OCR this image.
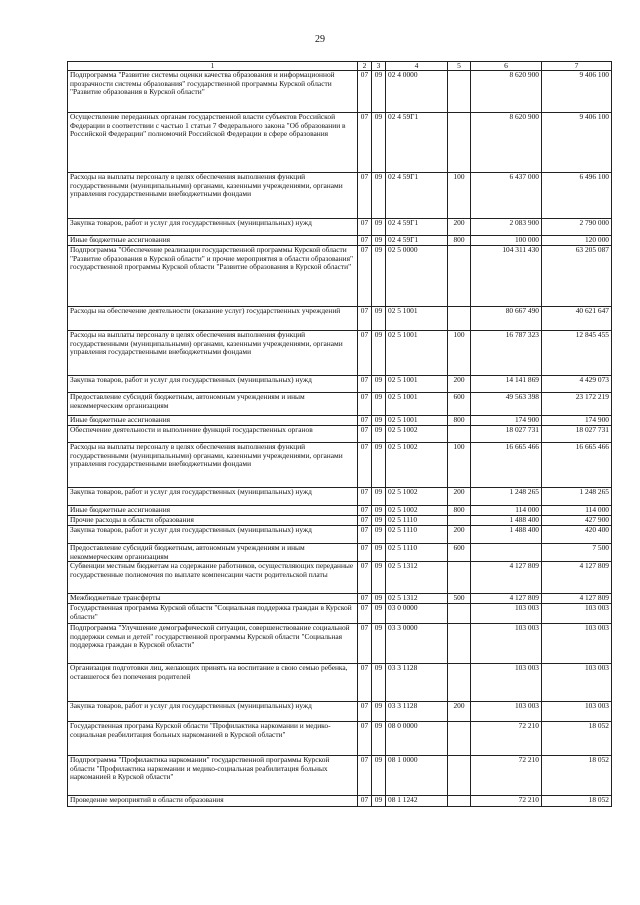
29
1	2	3	4	5	6	7
Подпрограмма "Развитие системы оценки качества образования и информационной прозрачности системы образования" государственной программы Курской области "Развитие образования в Курской области"	07	09	02 4 0000		8 620 900	9 406 100
Осуществление переданных органам государственной власти субъектов Российской Федерации в соответствии с частью 1 статьи 7 Федерального закона "Об образовании в Российской Федерации" полномочий Российской Федерации в сфере образования	07	09	02 4 59Г1		8 620 900	9 406 100
Расходы на выплаты персоналу в целях обеспечения выполнения функций государственными (муниципальными) органами, казенными учреждениями, органами управления государственными внебюджетными фондами	07	09	02 4 59Г1	100	6 437 000	6 496 100
Закупка товаров, работ и услуг для государственных (муниципальных) нужд	07	09	02 4 59Г1	200	2 083 900	2 790 000
Иные бюджетные ассигнования	07	09	02 4 59Г1	800	100 000	120 000
Подпрограмма "Обеспечение реализации государственной программы Курской области "Развитие образования в Курской области" и прочие мероприятия в области образования" государственной программы Курской области "Развитие образования в Курской области"	07	09	02 5 0000		104 311 430	63 205 087
Расходы на обеспечение деятельности (оказание услуг) государственных учреждений	07	09	02 5 1001		80 667 490	40 621 647
Расходы на выплаты персоналу в целях обеспечения выполнения функций государственными (муниципальными) органами, казенными учреждениями, органами управления государственными внебюджетными фондами	07	09	02 5 1001	100	16 787 323	12 845 455
Закупка товаров, работ и услуг для государственных (муниципальных) нужд	07	09	02 5 1001	200	14 141 869	4 429 073
Предоставление субсидий бюджетным, автономным учреждениям и иным некоммерческим организациям	07	09	02 5 1001	600	49 563 398	23 172 219
Иные бюджетные ассигнования	07	09	02 5 1001	800	174 900	174 900
Обеспечение деятельности и выполнение функций государственных органов	07	09	02 5 1002		18 027 731	18 027 731
Расходы на выплаты персоналу в целях обеспечения выполнения функций государственными (муниципальными) органами, казенными учреждениями, органами управления государственными внебюджетными фондами	07	09	02 5 1002	100	16 665 466	16 665 466
Закупка товаров, работ и услуг для государственных (муниципальных) нужд	07	09	02 5 1002	200	1 248 265	1 248 265
Иные бюджетные ассигнования	07	09	02 5 1002	800	114 000	114 000
Прочие расходы в области образования	07	09	02 5 1110		1 488 400	427 900
Закупка товаров, работ и услуг для государственных (муниципальных) нужд	07	09	02 5 1110	200	1 488 400	420 400
Предоставление субсидий бюджетным, автономным учреждениям и иным некоммерческим организациям	07	09	02 5 1110	600		7 500
Субвенции местным бюджетам на содержание работников, осуществляющих переданные государственные полномочия по выплате компенсации части родительской платы	07	09	02 5 1312		4 127 809	4 127 809
Межбюджетные трансферты	07	09	02 5 1312	500	4 127 809	4 127 809
Государственная программа Курской области "Социальная поддержка граждан в Курской области"	07	09	03 0 0000		103 003	103 003
Подпрограмма "Улучшение демографической ситуации, совершенствование социальной поддержки семьи и детей" государственной программы Курской области "Социальная поддержка граждан в Курской области"	07	09	03 3 0000		103 003	103 003
Организация подготовки лиц, желающих принять на воспитание в свою семью ребенка, оставшегося без попечения родителей	07	09	03 3 1128		103 003	103 003
Закупка товаров, работ и услуг для государственных (муниципальных) нужд	07	09	03 3 1128	200	103 003	103 003
Государственная програма Курской области "Профилактика наркомании и медико-социальная реабилитация больных наркоманией в Курской области"	07	09	08 0 0000		72 210	18 052
Подпрограмма "Профилактика наркомании" государственной программы Курской области "Профилактика наркомании и медико-социальная реабилитация больных наркоманией в Курской области"	07	09	08 1 0000		72 210	18 052
Проведение мероприятий в области образования	07	09	08 1 1242		72 210	18 052
